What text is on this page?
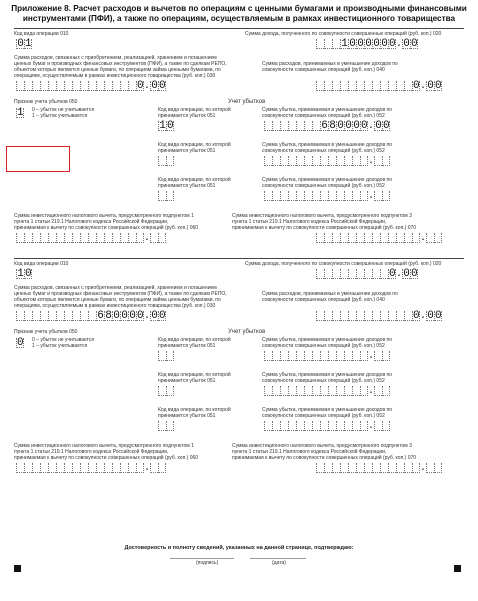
Приложение 8. Расчет расходов и вычетов по операциям с ценными бумагами и производными финансовыми
инструментами (ПФИ), а также по операциям, осуществляемым в рамках инвестиционного товарищества
Код вида операции 010	Сумма дохода, полученного по совокупности совершенных операций (руб. коп.) 020
0 1	1 0 0 0 0 0 0 . 0 0
Сумма расходов, связанных с приобретением, реализацией, хранением и погашением
ценных бумаг и производных финансовых инструментов (ПФИ), а также по сделкам РЕПО,
объектом которых являются ценные бумаги, по операциям займа ценными бумагами, по
операциям, осуществляемым в рамках инвестиционного товарищества (руб. коп.) 030
Сумма расходов, принимаемых в уменьшение доходов по
совокупности совершенных операций (руб. коп.) 040
0 . 0 0	0 . 0 0
Признак учета убытков 050	Учет убытков
1 0 – убыток не учитывается
1 – убыток учитывается
Код вида операции, по которой
принимается убыток 051
Сумма убытка, принимаемая в уменьшение доходов по
совокупности совершенных операций (руб. коп.) 052
1 0	6 8 0 0 0 0 . 0 0
Код вида операции, по которой
принимается убыток 051
Сумма убытка, принимаемая в уменьшение доходов по
совокупности совершенных операций (руб. коп.) 052
.
Код вида операции, по которой
принимается убыток 051
Сумма убытка, принимаемая в уменьшение доходов по
совокупности совершенных операций (руб. коп.) 052
.
Сумма инвестиционного налогового вычета, предусмотренного подпунктом 1
пункта 1 статьи 219.1 Налогового кодекса Российской Федерации,
принимаемая к вычету по совокупности совершенных операций (руб. коп.) 060
Сумма инвестиционного налогового вычета, предусмотренного подпунктом 3
пункта 1 статьи 219.1 Налогового кодекса Российской Федерации,
принимаемая к вычету по совокупности совершенных операций (руб. коп.) 070
.	.
Код вида операции 010	Сумма дохода, полученного по совокупности совершенных операций (руб. коп.) 020
1 0	0 . 0 0
Сумма расходов, связанных с приобретением, реализацией, хранением и погашением
ценных бумаг и производных финансовых инструментов (ПФИ), а также по сделкам РЕПО,
объектом которых являются ценные бумаги, по операциям займа ценными бумагами, по
операциям, осуществляемым в рамках инвестиционного товарищества (руб. коп.) 030
Сумма расходов, принимаемых в уменьшение доходов по
совокупности совершенных операций (руб. коп.) 040
6 8 0 0 0 0 . 0 0	0 . 0 0
Признак учета убытков 050	Учет убытков
0 0 – убыток не учитывается
1 – убыток учитывается
Код вида операции, по которой
принимается убыток 051
Сумма убытка, принимаемая в уменьшение доходов по
совокупности совершенных операций (руб. коп.) 052
.
Код вида операции, по которой
принимается убыток 051
Сумма убытка, принимаемая в уменьшение доходов по
совокупности совершенных операций (руб. коп.) 052
.
Код вида операции, по которой
принимается убыток 051
Сумма убытка, принимаемая в уменьшение доходов по
совокупности совершенных операций (руб. коп.) 052
.
Сумма инвестиционного налогового вычета, предусмотренного подпунктом 1
пункта 1 статьи 219.1 Налогового кодекса Российской Федерации,
принимаемая к вычету по совокупности совершенных операций (руб. коп.) 060
Сумма инвестиционного налогового вычета, предусмотренного подпунктом 3
пункта 1 статьи 219.1 Налогового кодекса Российской Федерации,
принимаемая к вычету по совокупности совершенных операций (руб. коп.) 070
.	.
Достоверность и полноту сведений, указанных на данной странице, подтверждаю:
(подпись)	(дата)
